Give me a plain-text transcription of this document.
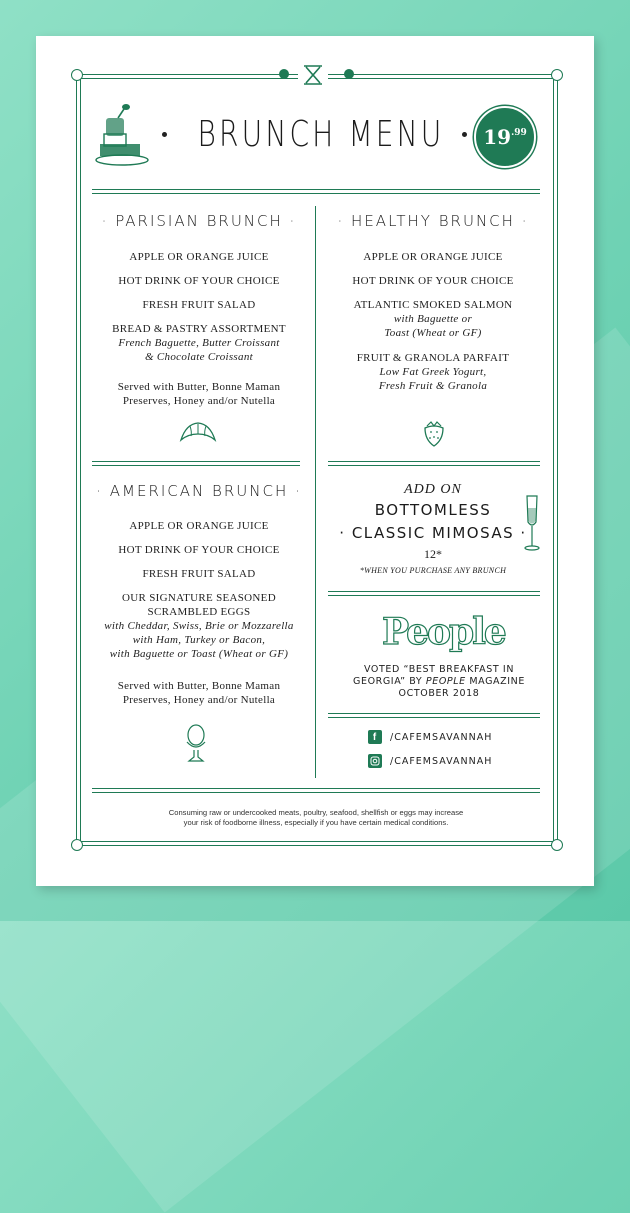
BRUNCH MENU $19^{.99}$
· PARISIAN BRUNCH ·
APPLE OR ORANGE JUICE
HOT DRINK OF YOUR CHOICE
FRESH FRUIT SALAD
BREAD & PASTRY ASSORTMENT
French Baguette, Butter Croissant
& Chocolate Croissant
Served with Butter, Bonne Maman
Preserves, Honey and/or Nutella
· HEALTHY BRUNCH ·
APPLE OR ORANGE JUICE
HOT DRINK OF YOUR CHOICE
ATLANTIC SMOKED SALMON
with Baguette or
Toast (Wheat or GF)
FRUIT & GRANOLA PARFAIT
Low Fat Greek Yogurt,
Fresh Fruit & Granola
· AMERICAN BRUNCH ·
APPLE OR ORANGE JUICE
HOT DRINK OF YOUR CHOICE
FRESH FRUIT SALAD
OUR SIGNATURE SEASONED
SCRAMBLED EGGS
with Cheddar, Swiss, Brie or Mozzarella
with Ham, Turkey or Bacon,
with Baguette or Toast (Wheat or GF)
Served with Butter, Bonne Maman
Preserves, Honey and/or Nutella
ADD ON
BOTTOMLESS
· CLASSIC MIMOSAS ·
12*
*WHEN YOU PURCHASE ANY BRUNCH
People
VOTED “BEST BREAKFAST IN
GEORGIA” BY PEOPLE MAGAZINE
OCTOBER 2018
f	/CAFEMSAVANNAH
/CAFEMSAVANNAH
Consuming raw or undercooked meats, poultry, seafood, shellfish or eggs may increase
your risk of foodborne illness, especially if you have certain medical conditions.
